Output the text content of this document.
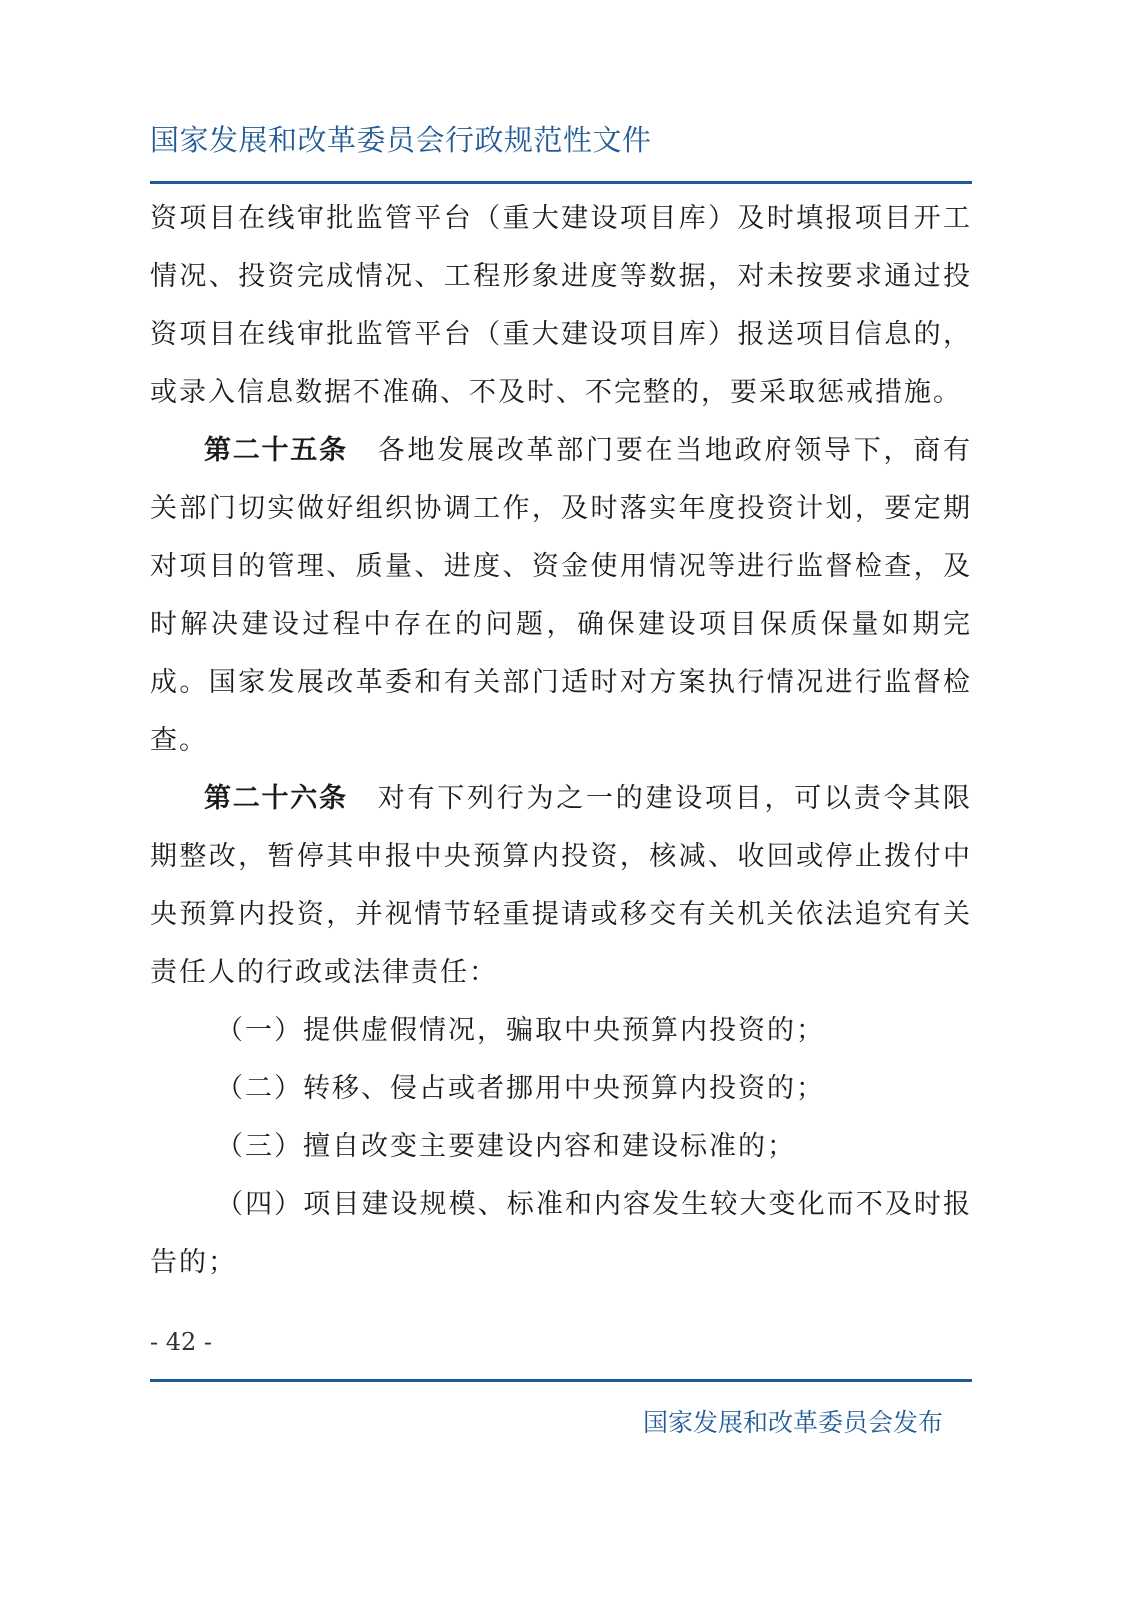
国家发展和改革委员会行政规范性文件

资项目在线审批监管平台（重大建设项目库）及时填报项目开工情况、投资完成情况、工程形象进度等数据，对未按要求通过投资项目在线审批监管平台（重大建设项目库）报送项目信息的，或录入信息数据不准确、不及时、不完整的，要采取惩戒措施。

第二十五条 各地发展改革部门要在当地政府领导下，商有关部门切实做好组织协调工作，及时落实年度投资计划，要定期对项目的管理、质量、进度、资金使用情况等进行监督检查，及时解决建设过程中存在的问题，确保建设项目保质保量如期完成。国家发展改革委和有关部门适时对方案执行情况进行监督检查。

第二十六条 对有下列行为之一的建设项目，可以责令其限期整改，暂停其申报中央预算内投资，核减、收回或停止拨付中央预算内投资，并视情节轻重提请或移交有关机关依法追究有关责任人的行政或法律责任：

（一）提供虚假情况，骗取中央预算内投资的；

（二）转移、侵占或者挪用中央预算内投资的；

（三）擅自改变主要建设内容和建设标准的；

（四）项目建设规模、标准和内容发生较大变化而不及时报

告的；

- 42 -
国家发展和改革委员会发布
